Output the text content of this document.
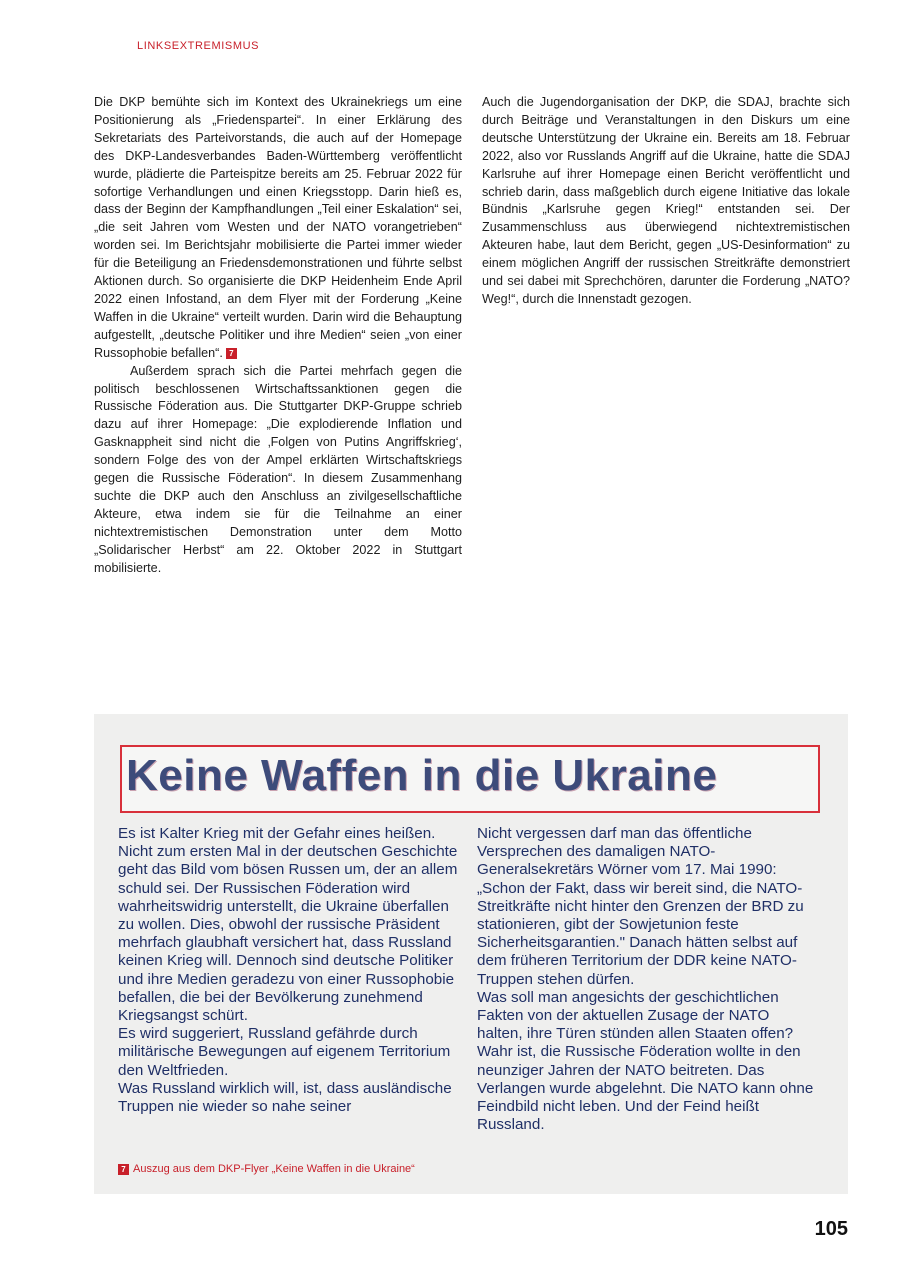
LINKSEXTREMISMUS

Die DKP bemühte sich im Kontext des Ukrainekriegs um eine Positionierung als „Friedenspartei“. In einer Erklärung des Sekretariats des Parteivorstands, die auch auf der Homepage des DKP-Landesverbandes Baden-Württemberg veröffentlicht wurde, plädierte die Parteispitze bereits am 25. Februar 2022 für sofortige Verhandlungen und einen Kriegsstopp. Darin hieß es, dass der Beginn der Kampfhandlungen „Teil einer Eskalation“ sei, „die seit Jahren vom Westen und der NATO vorangetrieben“ worden sei. Im Berichtsjahr mobilisierte die Partei immer wieder für die Beteiligung an Friedensdemonstrationen und führte selbst Aktionen durch. So organisierte die DKP Heidenheim Ende April 2022 einen Infostand, an dem Flyer mit der Forderung „Keine Waffen in die Ukraine“ verteilt wurden. Darin wird die Behauptung aufgestellt, „deutsche Politiker und ihre Medien“ seien „von einer Russophobie befallen“. 7

Außerdem sprach sich die Partei mehrfach gegen die politisch beschlossenen Wirtschaftssanktionen gegen die Russische Föderation aus. Die Stuttgarter DKP-Gruppe schrieb dazu auf ihrer Homepage: „Die explodierende Inflation und Gasknappheit sind nicht die ‚Folgen von Putins Angriffskrieg‘, sondern Folge des von der Ampel erklärten Wirtschaftskriegs gegen die Russische Föderation“. In diesem Zusammenhang suchte die DKP auch den Anschluss an zivilgesellschaftliche Akteure, etwa indem sie für die Teilnahme an einer nichtextremistischen Demonstration unter dem Motto „Solidarischer Herbst“ am 22. Oktober 2022 in Stuttgart mobilisierte.

Auch die Jugendorganisation der DKP, die SDAJ, brachte sich durch Beiträge und Veranstaltungen in den Diskurs um eine deutsche Unterstützung der Ukraine ein. Bereits am 18. Februar 2022, also vor Russlands Angriff auf die Ukraine, hatte die SDAJ Karlsruhe auf ihrer Homepage einen Bericht veröffentlicht und schrieb darin, dass maßgeblich durch eigene Initiative das lokale Bündnis „Karlsruhe gegen Krieg!“ entstanden sei. Der Zusammenschluss aus überwiegend nichtextremistischen Akteuren habe, laut dem Bericht, gegen „US-Desinformation“ zu einem möglichen Angriff der russischen Streitkräfte demonstriert und sei dabei mit Sprechchören, darunter die Forderung „NATO? Weg!“, durch die Innenstadt gezogen.

Keine Waffen in die Ukraine

Es ist Kalter Krieg mit der Gefahr eines heißen. Nicht zum ersten Mal in der deutschen Geschichte geht das Bild vom bösen Russen um, der an allem schuld sei. Der Russischen Föderation wird wahrheitswidrig unterstellt, die Ukraine überfallen zu wollen. Dies, obwohl der russische Präsident mehrfach glaubhaft versichert hat, dass Russland keinen Krieg will. Dennoch sind deutsche Politiker und ihre Medien geradezu von einer Russophobie befallen, die bei der Bevölkerung zunehmend Kriegsangst schürt.

Es wird suggeriert, Russland gefährde durch militärische Bewegungen auf eigenem Territorium den Weltfrieden.

Was Russland wirklich will, ist, dass ausländische Truppen nie wieder so nahe seiner

Nicht vergessen darf man das öffentliche Versprechen des damaligen NATO-Generalsekretärs Wörner vom 17. Mai 1990: „Schon der Fakt, dass wir bereit sind, die NATO-Streitkräfte nicht hinter den Grenzen der BRD zu stationieren, gibt der Sowjetunion feste Sicherheitsgarantien." Danach hätten selbst auf dem früheren Territorium der DDR keine NATO-Truppen stehen dürfen.

Was soll man angesichts der geschichtlichen Fakten von der aktuellen Zusage der NATO halten, ihre Türen stünden allen Staaten offen? Wahr ist, die Russische Föderation wollte in den neunziger Jahren der NATO beitreten. Das Verlangen wurde abgelehnt. Die NATO kann ohne Feindbild nicht leben. Und der Feind heißt Russland.

7 Auszug aus dem DKP-Flyer „Keine Waffen in die Ukraine“
105
